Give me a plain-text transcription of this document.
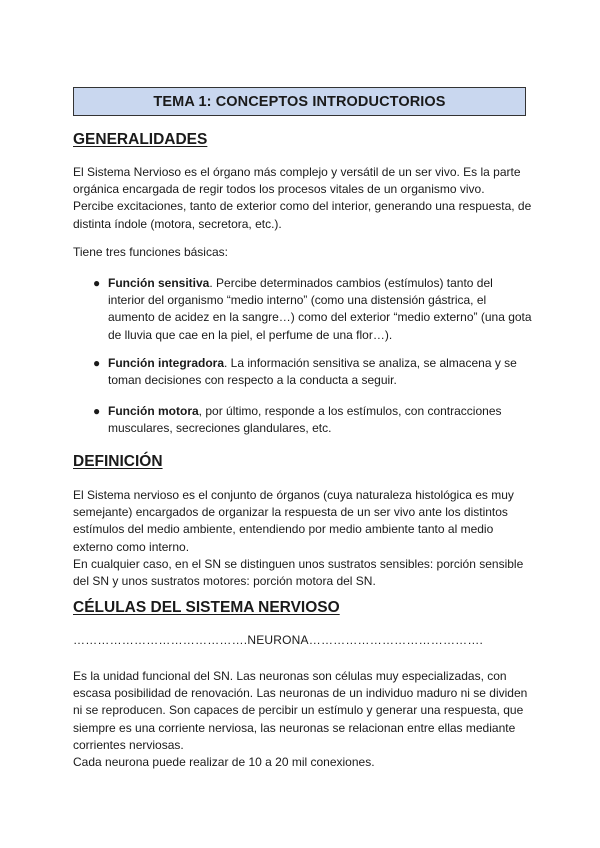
TEMA 1: CONCEPTOS INTRODUCTORIOS
GENERALIDADES
El Sistema Nervioso es el órgano más complejo y versátil de un ser vivo. Es la parte
orgánica encargada de regir todos los procesos vitales de un organismo vivo.
Percibe excitaciones, tanto de exterior como del interior, generando una respuesta, de
distinta índole (motora, secretora, etc.).
Tiene tres funciones básicas:
● Función sensitiva. Percibe determinados cambios (estímulos) tanto del
interior del organismo “medio interno” (como una distensión gástrica, el
aumento de acidez en la sangre…) como del exterior “medio externo” (una gota
de lluvia que cae en la piel, el perfume de una flor…).
● Función integradora. La información sensitiva se analiza, se almacena y se
toman decisiones con respecto a la conducta a seguir.
● Función motora, por último, responde a los estímulos, con contracciones
musculares, secreciones glandulares, etc.
DEFINICIÓN
El Sistema nervioso es el conjunto de órganos (cuya naturaleza histológica es muy
semejante) encargados de organizar la respuesta de un ser vivo ante los distintos
estímulos del medio ambiente, entendiendo por medio ambiente tanto al medio
externo como interno.
En cualquier caso, en el SN se distinguen unos sustratos sensibles: porción sensible
del SN y unos sustratos motores: porción motora del SN.
CÉLULAS DEL SISTEMA NERVIOSO
…………………………………….NEURONA…………………………………….
Es la unidad funcional del SN. Las neuronas son células muy especializadas, con
escasa posibilidad de renovación. Las neuronas de un individuo maduro ni se dividen
ni se reproducen. Son capaces de percibir un estímulo y generar una respuesta, que
siempre es una corriente nerviosa, las neuronas se relacionan entre ellas mediante
corrientes nerviosas.
Cada neurona puede realizar de 10 a 20 mil conexiones.
